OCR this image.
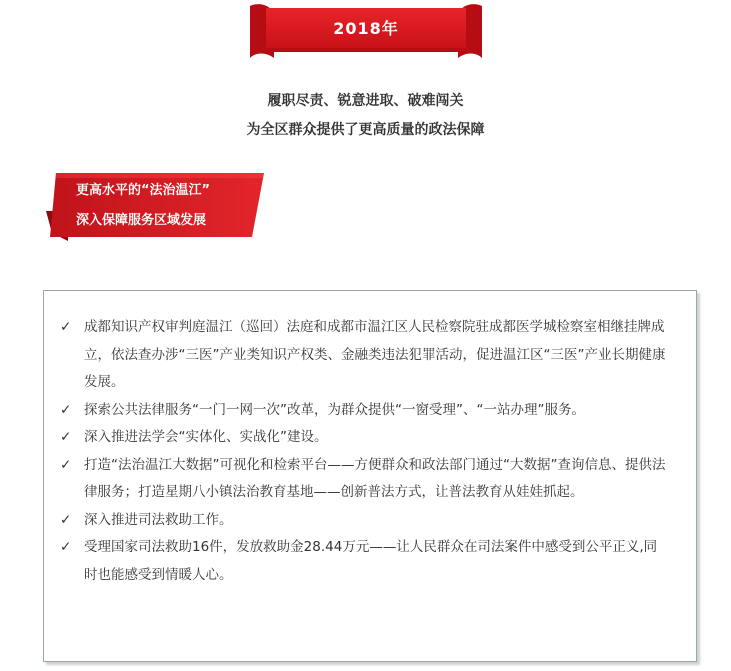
2018年
履职尽责、锐意进取、破难闯关
为全区群众提供了更高质量的政法保障
更高水平的“法治温江”
深入保障服务区域发展
✓ 成都知识产权审判庭温江（巡回）法庭和成都市温江区人民检察院驻成都医学城检察室相继挂牌成立，依法查办涉“三医”产业类知识产权类、金融类违法犯罪活动，促进温江区“三医”产业长期健康发展。
✓ 探索公共法律服务“一门一网一次”改革，为群众提供“一窗受理”、“一站办理”服务。
✓ 深入推进法学会“实体化、实战化”建设。
✓ 打造“法治温江大数据”可视化和检索平台——方便群众和政法部门通过“大数据”查询信息、提供法律服务；打造星期八小镇法治教育基地——创新普法方式，让普法教育从娃娃抓起。
✓ 深入推进司法救助工作。
✓ 受理国家司法救助16件，发放救助金28.44万元——让人民群众在司法案件中感受到公平正义,同时也能感受到情暖人心。
